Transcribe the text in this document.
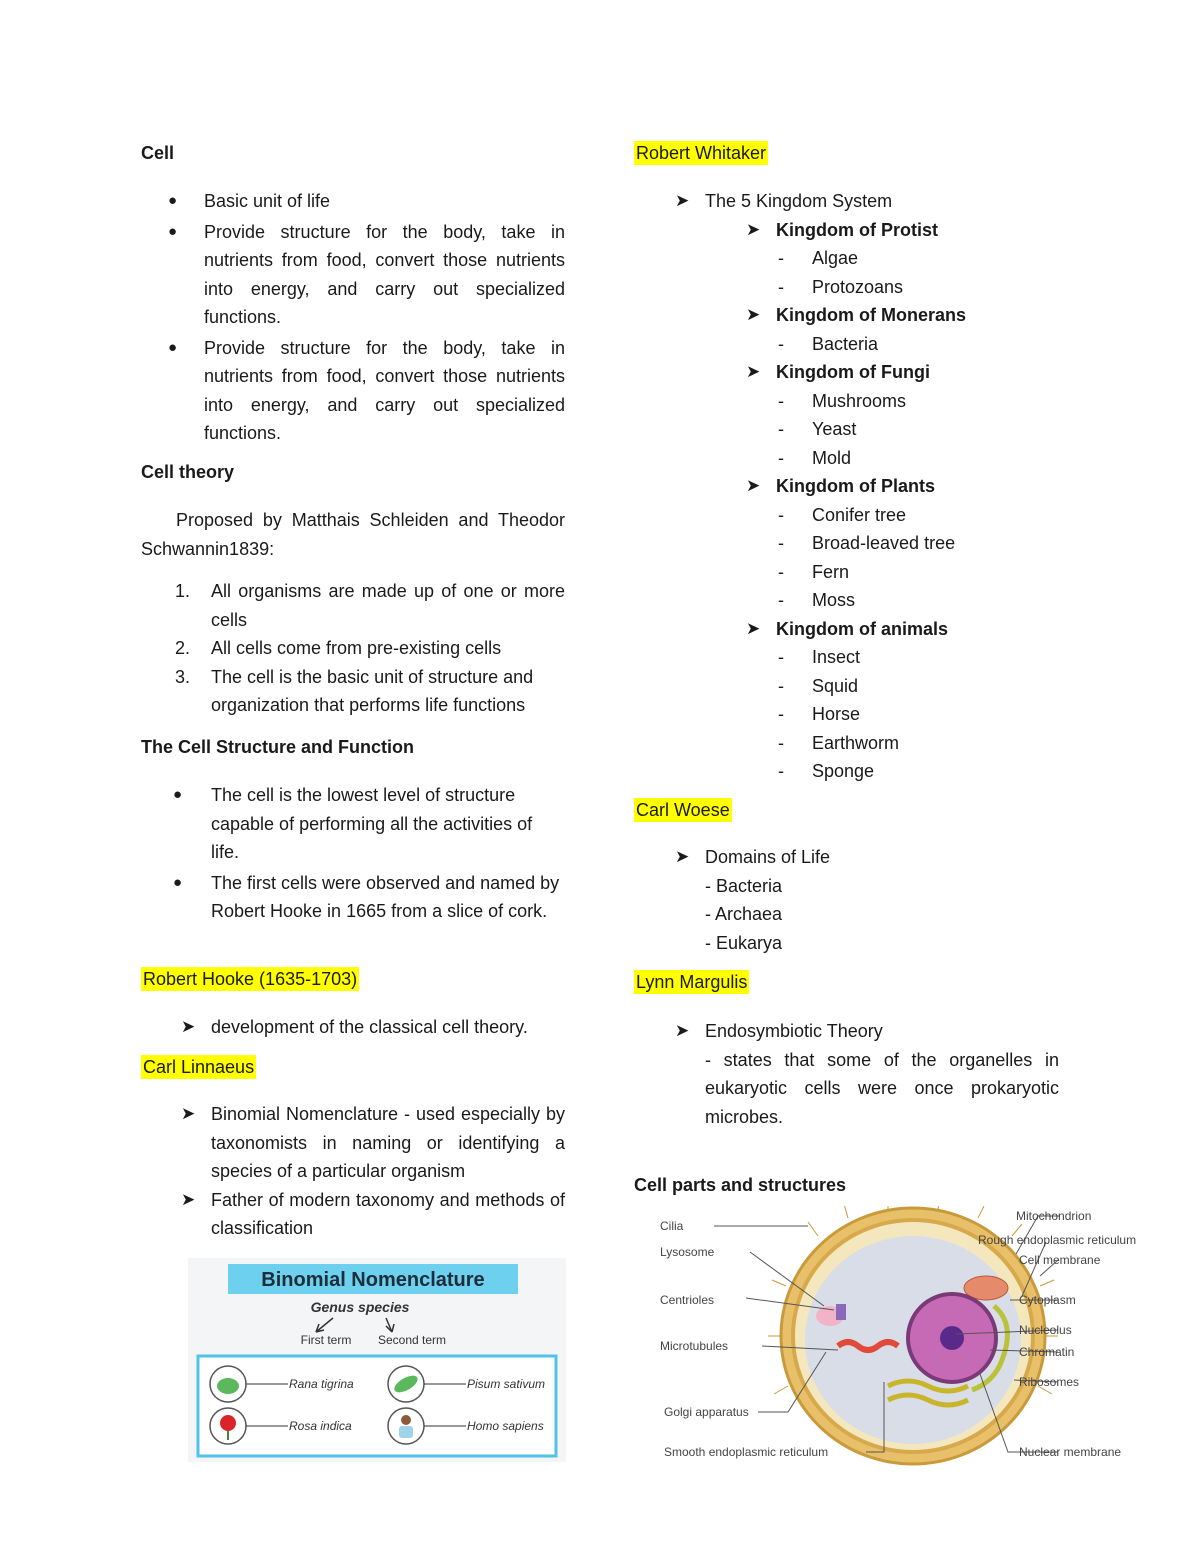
Cell
● Basic unit of life
● Provide structure for the body, take in nutrients from food, convert those nutrients into energy, and carry out specialized functions.
● Provide structure for the body, take in nutrients from food, convert those nutrients into energy, and carry out specialized functions.
Cell theory
Proposed by Matthais Schleiden and Theodor Schwannin1839:
1. All organisms are made up of one or more cells
2. All cells come from pre-existing cells
3. The cell is the basic unit of structure and organization that performs life functions
The Cell Structure and Function
● The cell is the lowest level of structure capable of performing all the activities of life.
● The first cells were observed and named by Robert Hooke in 1665 from a slice of cork.
Robert Hooke (1635-1703)
➤ development of the classical cell theory.
Carl Linnaeus
➤ Binomial Nomenclature - used especially by taxonomists in naming or identifying a species of a particular organism
➤ Father of modern taxonomy and methods of classification
Binomial Nomenclature
Genus species
First term Second term
Rana tigrina	Pisum sativum
Rosa indica	Homo sapiens
Robert Whitaker
➤ The 5 Kingdom System
➤ Kingdom of Protist
- Algae
- Protozoans
➤ Kingdom of Monerans
- Bacteria
➤ Kingdom of Fungi
- Mushrooms
- Yeast
- Mold
➤ Kingdom of Plants
- Conifer tree
- Broad-leaved tree
- Fern
- Moss
➤ Kingdom of animals
- Insect
- Squid
- Horse
- Earthworm
- Sponge
Carl Woese
➤ Domains of Life
- Bacteria
- Archaea
- Eukarya
Lynn Margulis
➤ Endosymbiotic Theory
- states that some of the organelles in eukaryotic cells were once prokaryotic microbes.
Cell parts and structures
Cilia
Lysosome
Centrioles
Microtubules
Golgi apparatus
Smooth endoplasmic reticulum
Mitochondrion
Rough endoplasmic reticulum
Cell membrane
Cytoplasm
Nucleolus
Chromatin
Ribosomes
Nuclear membrane
